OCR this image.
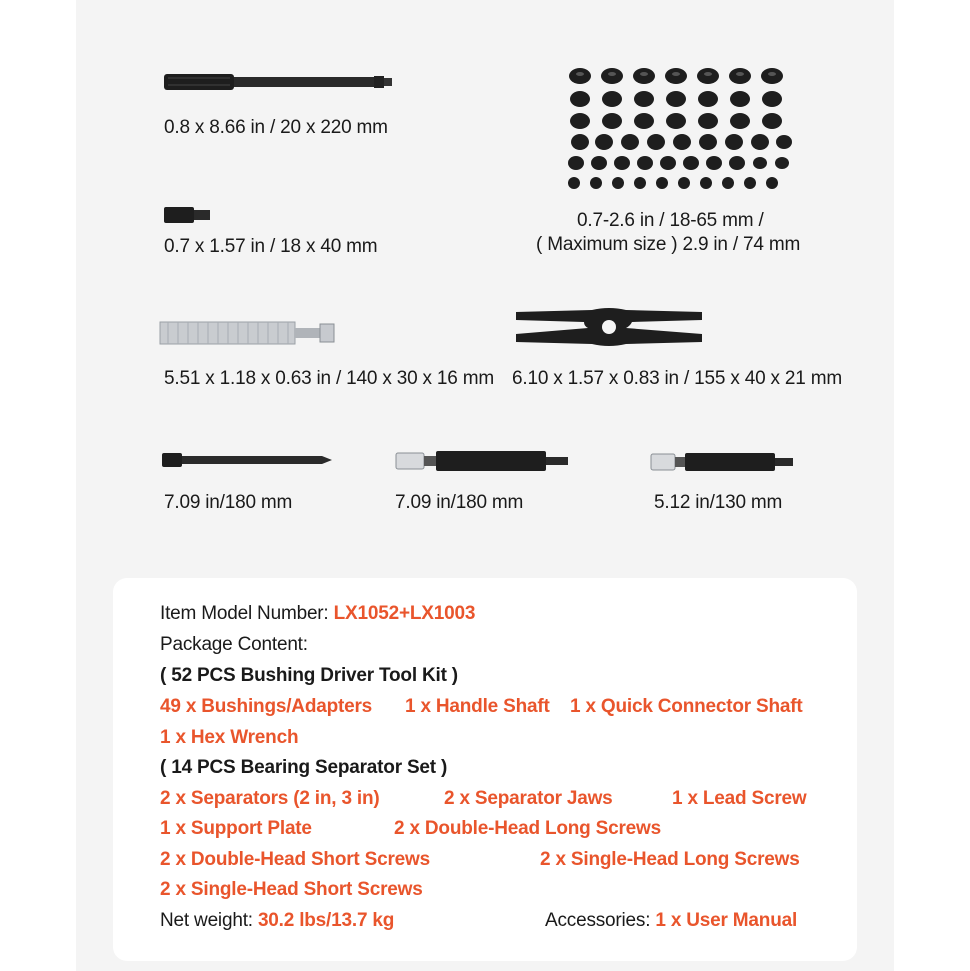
0.8 x 8.66 in / 20 x 220 mm
0.7 x 1.57 in / 18 x 40 mm
0.7-2.6 in / 18-65 mm /
( Maximum size ) 2.9 in / 74 mm
5.51 x 1.18 x 0.63 in / 140 x 30 x 16 mm 6.10 x 1.57 x 0.83 in / 155 x 40 x 21 mm
7.09 in/180 mm	7.09 in/180 mm	5.12 in/130 mm
Item Model Number: LX1052+LX1003
Package Content:
( 52 PCS Bushing Driver Tool Kit )
49 x Bushings/Adapters 1 x Handle Shaft 1 x Quick Connector Shaft
1 x Hex Wrench
( 14 PCS Bearing Separator Set )
2 x Separators (2 in, 3 in)	2 x Separator Jaws	1 x Lead Screw
1 x Support Plate	2 x Double-Head Long Screws
2 x Double-Head Short Screws	2 x Single-Head Long Screws
2 x Single-Head Short Screws
Net weight: 30.2 lbs/13.7 kg	Accessories: 1 x User Manual
